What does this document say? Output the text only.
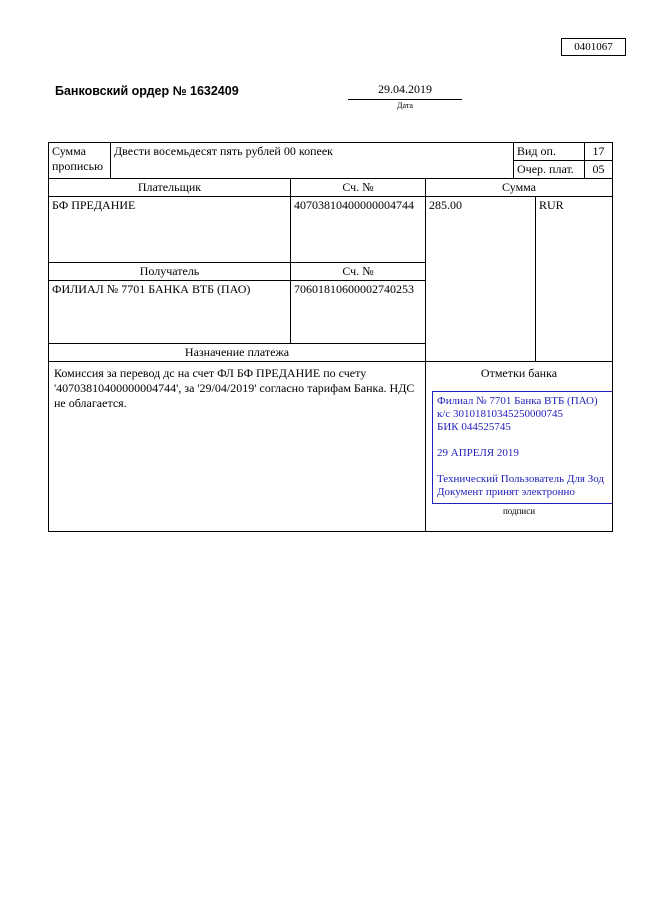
0401067
Банковский ордер № 1632409	29.04.2019
Дата
Сумма прописью	Двести восемьдесят пять рублей 00 копеек			Вид оп.		17
				Очер. плат.		05
Плательщик		Сч. №	Сумма			
БФ ПРЕДАНИЕ		40703810400000004744	285.00		RUR	
Получатель		Сч. №				
ФИЛИАЛ № 7701 БАНКА ВТБ (ПАО)		70601810600002740253				
Назначение платежа						

Комиссия за перевод дс на счет ФЛ БФ ПРЕДАНИЕ по счету '40703810400000004744', за '29/04/2019' согласно тарифам Банка. НДС не облагается.

Отметки банка
Филиал № 7701 Банка ВТБ (ПАО)
к/с 30101810345250000745
БИК 044525745
29 АПРЕЛЯ 2019
Технический Пользователь Для Зод
Документ принят электронно
подписи
